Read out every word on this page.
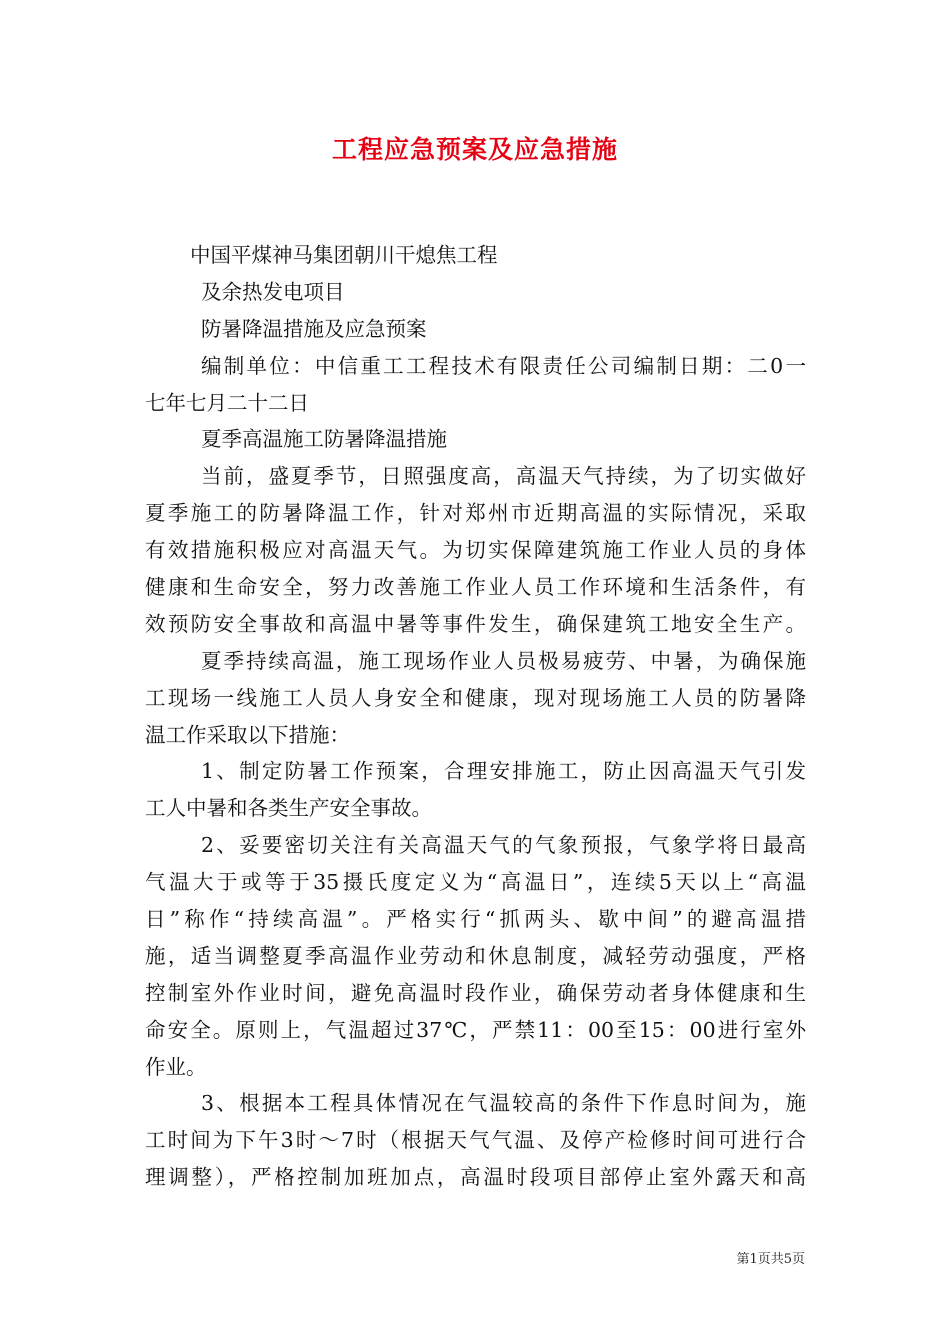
工程应急预案及应急措施
中国平煤神马集团朝川干熄焦工程
及余热发电项目
防暑降温措施及应急预案
编制单位：中信重工工程技术有限责任公司编制日期：二0一
七年七月二十二日
夏季高温施工防暑降温措施
当前，盛夏季节，日照强度高，高温天气持续，为了切实做好
夏季施工的防暑降温工作，针对郑州市近期高温的实际情况，采取
有效措施积极应对高温天气。为切实保障建筑施工作业人员的身体
健康和生命安全，努力改善施工作业人员工作环境和生活条件，有
效预防安全事故和高温中暑等事件发生，确保建筑工地安全生产。
夏季持续高温，施工现场作业人员极易疲劳、中暑，为确保施
工现场一线施工人员人身安全和健康，现对现场施工人员的防暑降
温工作采取以下措施：
1、制定防暑工作预案，合理安排施工，防止因高温天气引发
工人中暑和各类生产安全事故。
2、妥要密切关注有关高温天气的气象预报，气象学将日最高
气温大于或等于35摄氏度定义为“高温日”，连续5天以上“高温
日”称作“持续高温”。严格实行“抓两头、歇中间”的避高温措
施，适当调整夏季高温作业劳动和休息制度，减轻劳动强度，严格
控制室外作业时间，避免高温时段作业，确保劳动者身体健康和生
命安全。原则上，气温超过37℃，严禁11：00至15：00进行室外
作业。
3、根据本工程具体情况在气温较高的条件下作息时间为，施
工时间为下午3时～7时（根据天气气温、及停产检修时间可进行合
理调整），严格控制加班加点，高温时段项目部停止室外露天和高
第1页共5页
